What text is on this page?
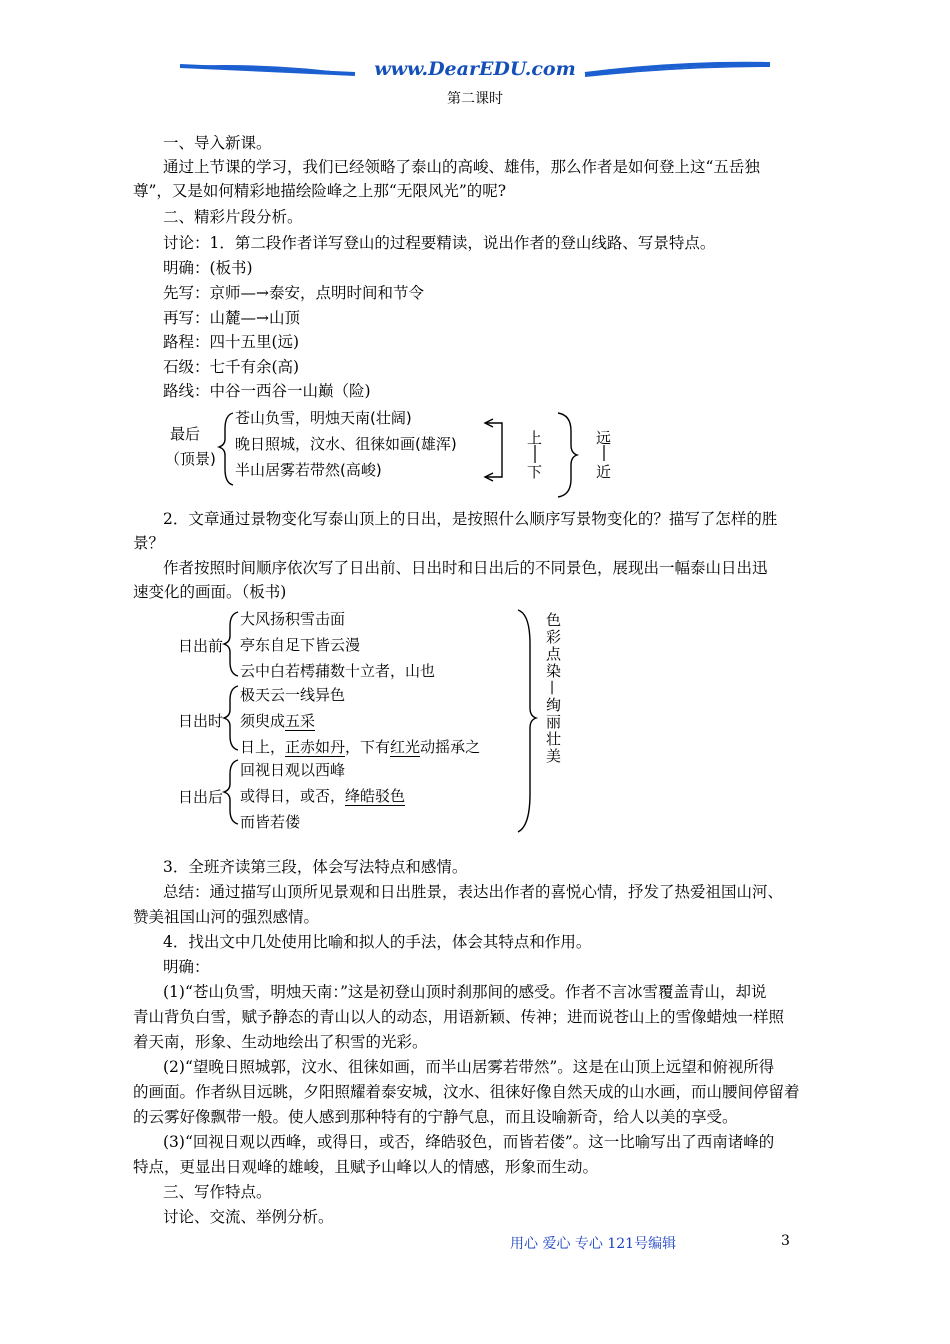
www.DearEDU.com
第二课时
一、导入新课。
通过上节课的学习，我们已经领略了泰山的高峻、雄伟，那么作者是如何登上这“五岳独
尊”，又是如何精彩地描绘险峰之上那“无限风光”的呢?
二、精彩片段分析。
讨论：1．第二段作者详写登山的过程要精读，说出作者的登山线路、写景特点。
明确：(板书)
先写：京师—→泰安，点明时间和节令
再写：山麓—→山顶
路程：四十五里(远)
石级：七千有余(高)
路线：中谷一西谷一山巅（险)
最后
（顶景)
苍山负雪，明烛天南(壮阔)
晚日照城，汶水、徂徕如画(雄浑)
半山居雾若带然(高峻)
上
下
远
近
2．文章通过景物变化写泰山顶上的日出，是按照什么顺序写景物变化的？描写了怎样的胜
景？
作者按照时间顺序依次写了日出前、日出时和日出后的不同景色，展现出一幅泰山日出迅
速变化的画面。（板书)
日出前
大风扬积雪击面
亭东自足下皆云漫
云中白若樗蒱数十立者，山也
日出时
极天云一线异色
须臾成五采
日上，正赤如丹，下有红光动摇承之
日出后
回视日观以西峰
或得日，或否，绛皓驳色
而皆若偻
色彩点染—绚丽壮美
3．全班齐读第三段，体会写法特点和感情。
总结：通过描写山顶所见景观和日出胜景，表达出作者的喜悦心情，抒发了热爱祖国山河、
赞美祖国山河的强烈感情。
4．找出文中几处使用比喻和拟人的手法，体会其特点和作用。
明确：
(1)“苍山负雪，明烛天南：”这是初登山顶时刹那间的感受。作者不言冰雪覆盖青山，却说
青山背负白雪，赋予静态的青山以人的动态，用语新颖、传神；进而说苍山上的雪像蜡烛一样照
着天南，形象、生动地绘出了积雪的光彩。
(2)“望晚日照城郭，汶水、徂徕如画，而半山居雾若带然”。这是在山顶上远望和俯视所得
的画面。作者纵目远眺，夕阳照耀着泰安城，汶水、徂徕好像自然天成的山水画，而山腰间停留着
的云雾好像飘带一般。使人感到那种特有的宁静气息，而且设喻新奇，给人以美的享受。
(3)“回视日观以西峰，或得日，或否，绛皓驳色，而皆若偻”。这一比喻写出了西南诸峰的
特点，更显出日观峰的雄峻，且赋予山峰以人的情感，形象而生动。
三、写作特点。
讨论、交流、举例分析。
用心 爱心 专心 121号编辑	3
